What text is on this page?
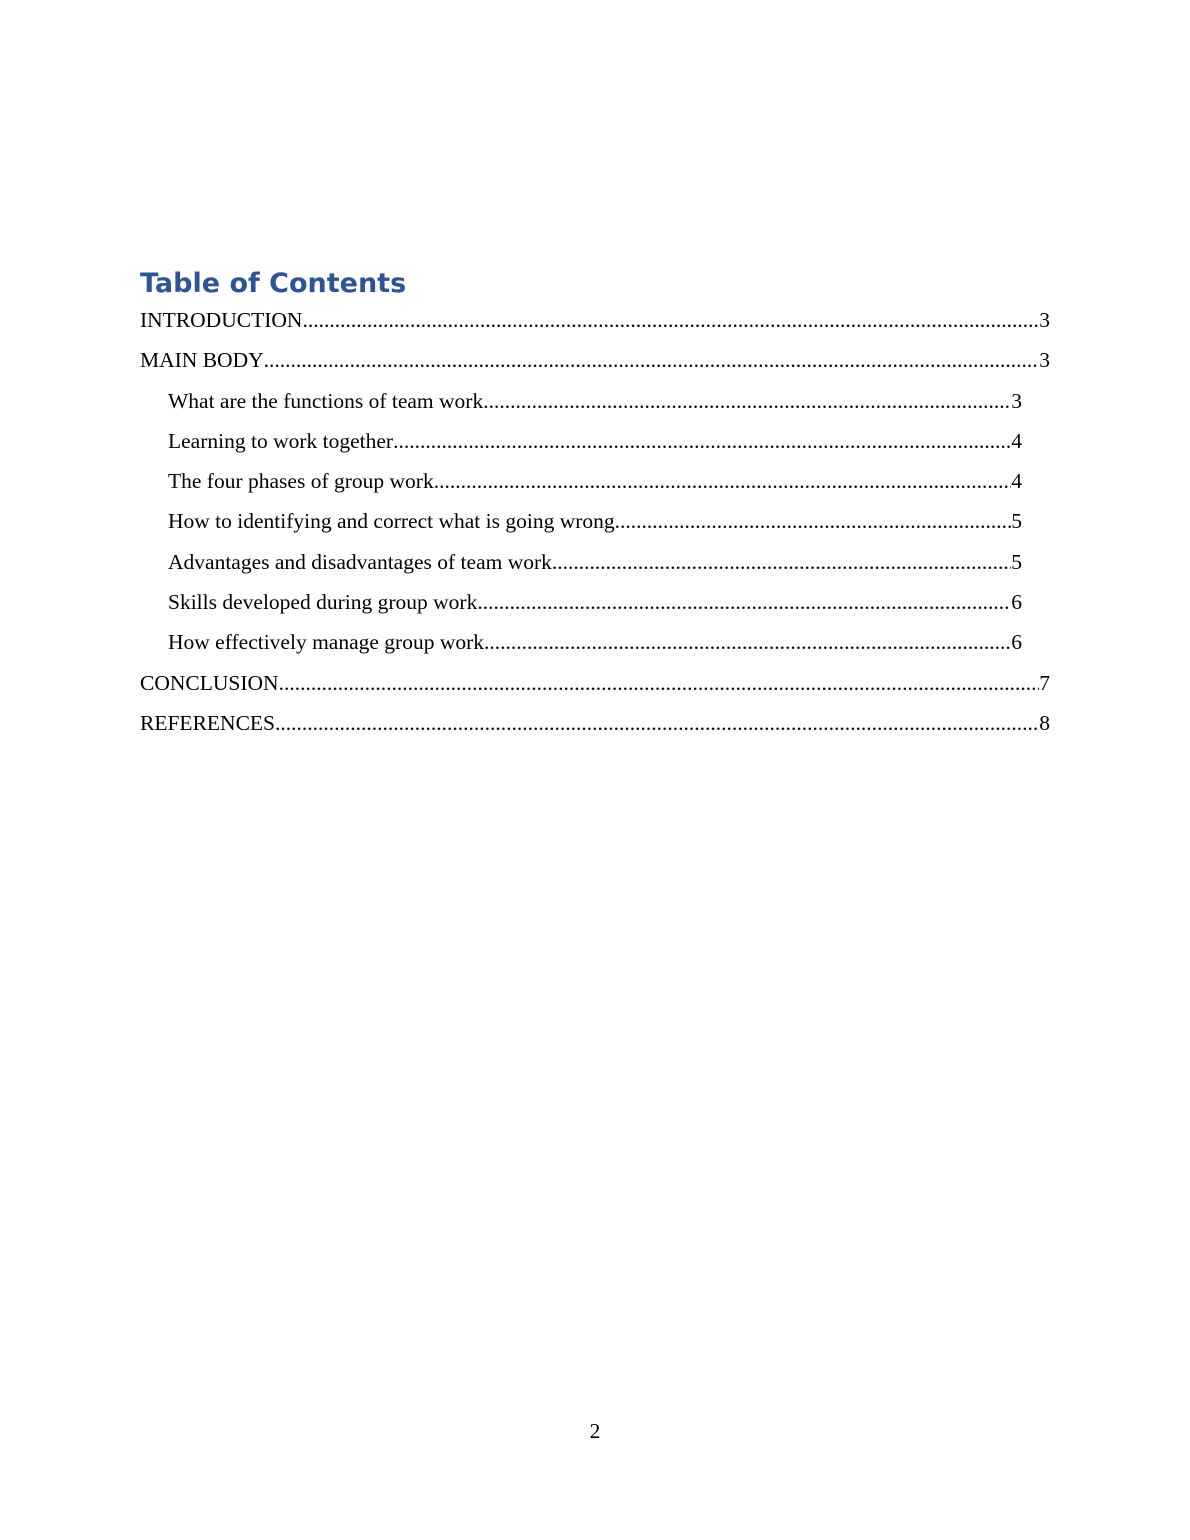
Table of Contents
INTRODUCTION .....	3
MAIN BODY .....	3
What are the functions of team work .....	3
Learning to work together .....	4
The four phases of group work .....	4
How to identifying and correct what is going wrong .....	5
Advantages and disadvantages of team work .....	5
Skills developed during group work .....	6
How effectively manage group work .....	6
CONCLUSION .....	7
REFERENCES .....	8
2
